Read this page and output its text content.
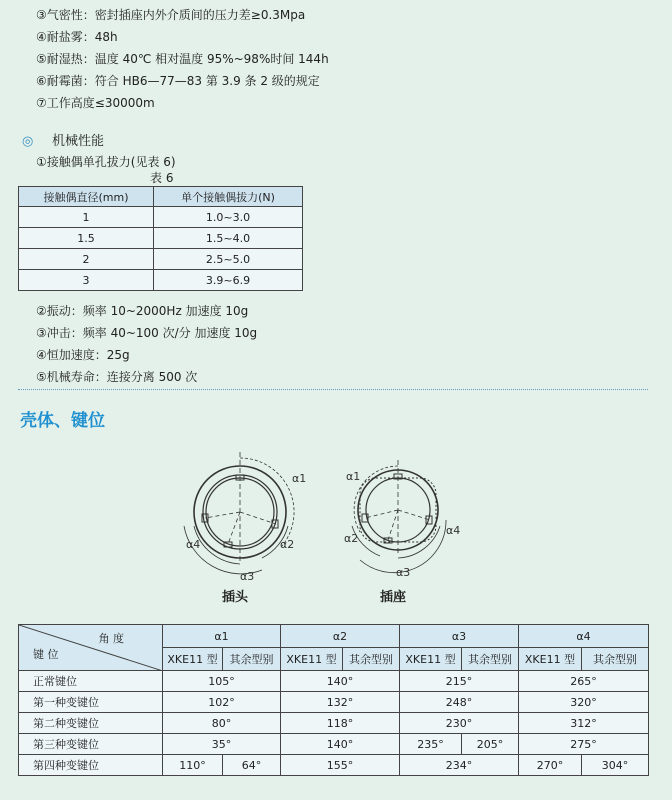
③气密性：密封插座内外介质间的压力差≥0.3Mpa
④耐盐雾：48h
⑤耐湿热：温度 40℃ 相对温度 95%~98%时间 144h
⑥耐霉菌：符合 HB6—77—83 第 3.9 条 2 级的规定
⑦工作高度≤30000m
◎ 机械性能
①接触偶单孔拔力(见表 6)
表 6
接触偶直径(mm)	单个接触偶拔力(N)
1	1.0~3.0
1.5	1.5~4.0
2	2.5~5.0
3	3.9~6.9
②振动：频率 10~2000Hz 加速度 10g
③冲击：频率 40~100 次/分 加速度 10g
④恒加速度：25g
⑤机械寿命：连接分离 500 次
壳体、键位
α1
α2
α3
α4
α1
α2
α3
α4
插头	插座
角 度
键 位	α1		α2		α3		α4	
	XKE11 型	其余型别	XKE11 型	其余型别	XKE11 型	其余型别	XKE11 型	其余型别
正常键位	105°		140°		215°		265°	
第一种变键位	102°		132°		248°		320°	
第二种变键位	80°		118°		230°		312°	
第三种变键位	35°		140°		235°	205°	275°	
第四种变键位	110°	64°	155°		234°		270°	304°
